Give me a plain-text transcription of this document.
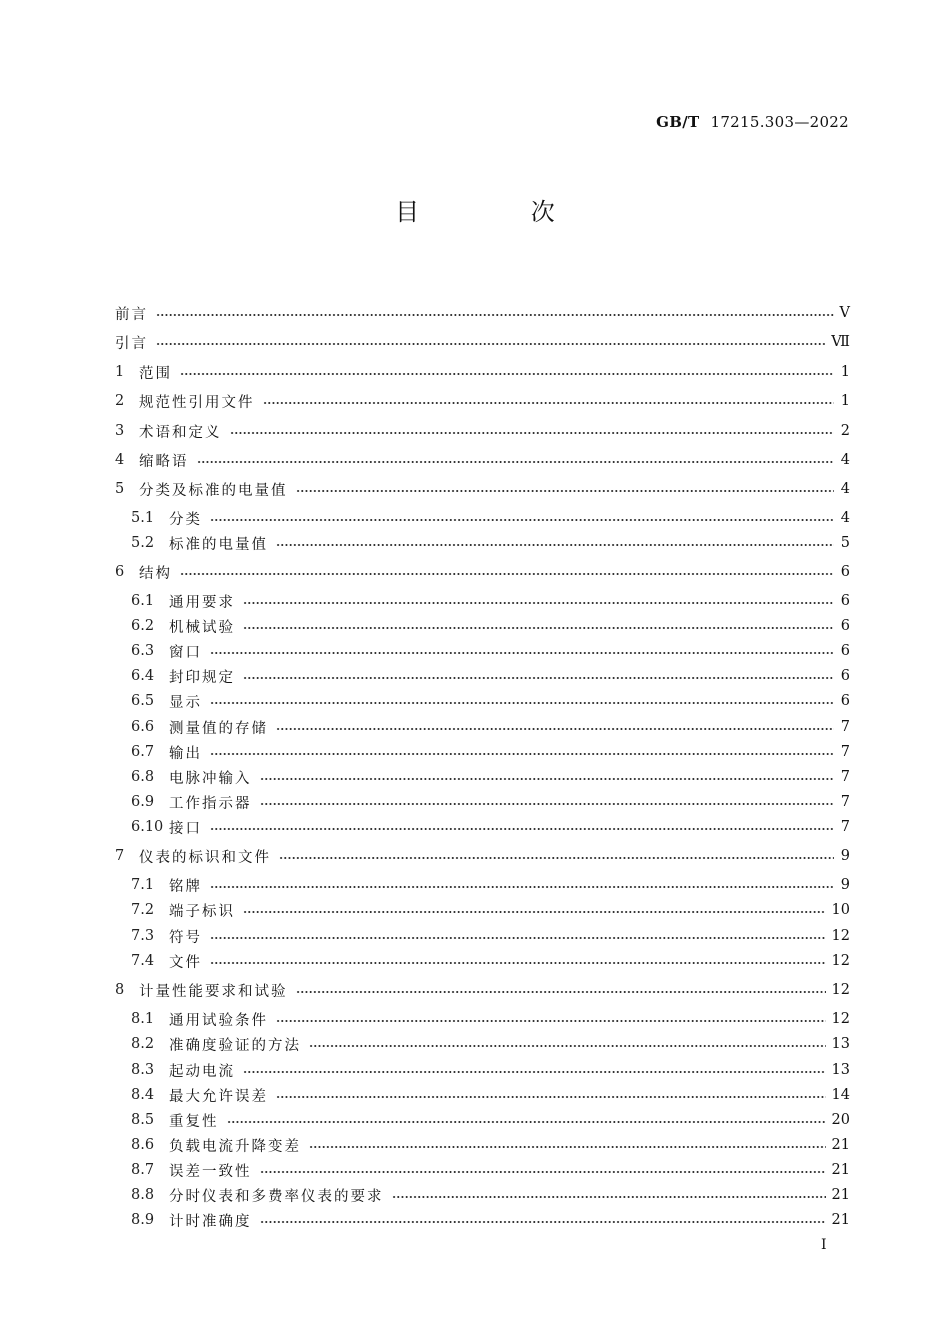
GB/T 17215.303—2022
目 次
前言	Ⅴ
引言	Ⅶ
1	范围	1
2	规范性引用文件	1
3	术语和定义	2
4	缩略语	4
5	分类及标准的电量值	4
5.1	分类	4
5.2	标准的电量值	5
6	结构	6
6.1	通用要求	6
6.2	机械试验	6
6.3	窗口	6
6.4	封印规定	6
6.5	显示	6
6.6	测量值的存储	7
6.7	输出	7
6.8	电脉冲输入	7
6.9	工作指示器	7
6.10 接口	7
7	仪表的标识和文件	9
7.1	铭牌	9
7.2	端子标识	10
7.3	符号	12
7.4	文件	12
8	计量性能要求和试验	12
8.1	通用试验条件	12
8.2	准确度验证的方法	13
8.3	起动电流	13
8.4	最大允许误差	14
8.5	重复性	20
8.6	负载电流升降变差	21
8.7	误差一致性	21
8.8	分时仪表和多费率仪表的要求	21
8.9	计时准确度	21
I
